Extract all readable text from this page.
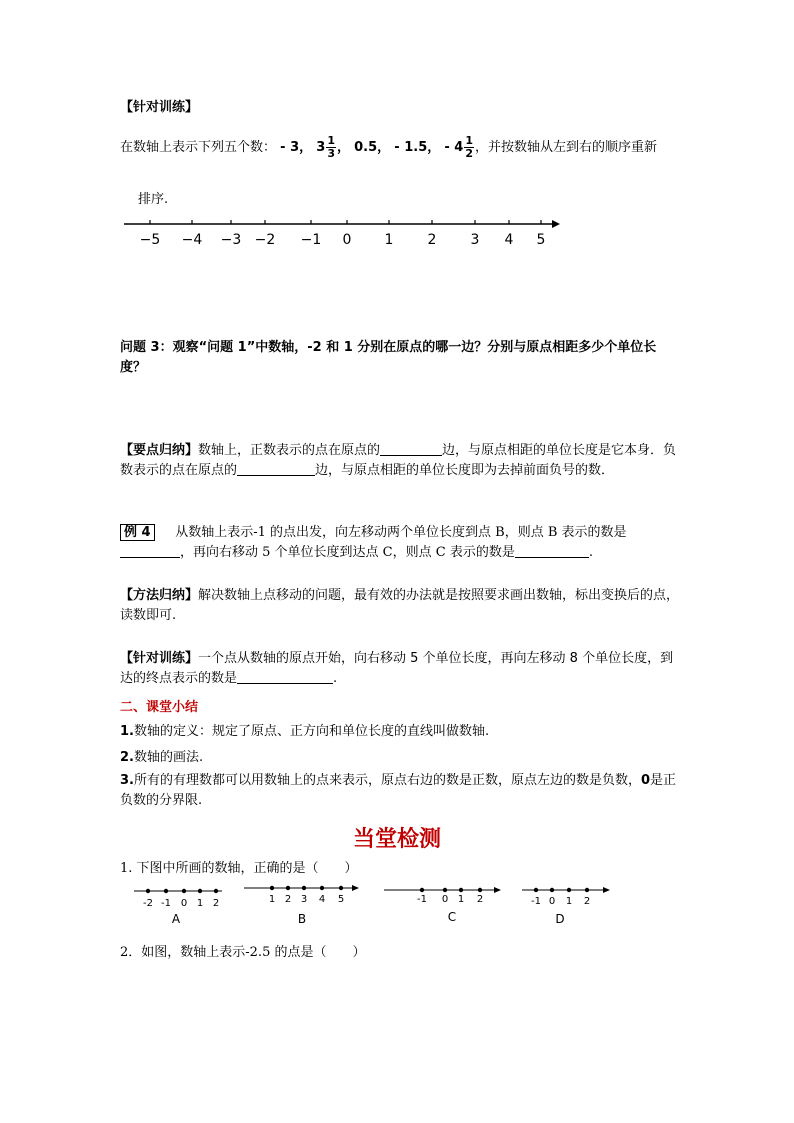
【针对训练】
在数轴上表示下列五个数： - 3， $3 \frac{1}{3}$ ， 0.5， - 1.5， - $4 \frac{1}{2}$ ，并按数轴从左到右的顺序重新
排序.
−5 −4 −3 −2 −1 0 1 2 3 4 5
问题 3：观察“问题 1”中数轴，-2 和 1 分别在原点的哪一边？分别与原点相距多少个单位长度？
【要点归纳】数轴上，正数表示的点在原点的	边，与原点相距的单位长度是它本身．负数表示的点在原点的	边，与原点相距的单位长度即为去掉前面负号的数．
例 4 从数轴上表示-1 的点出发，向左移动两个单位长度到点 B，则点 B 表示的数是，再向右移动 5 个单位长度到达点 C，则点 C 表示的数是	.
【方法归纳】解决数轴上点移动的问题，最有效的办法就是按照要求画出数轴，标出变换后的点，读数即可.
【针对训练】一个点从数轴的原点开始，向右移动 5 个单位长度，再向左移动 8 个单位长度，到达的终点表示的数是	.
二、课堂小结
1.数轴的定义：规定了原点、正方向和单位长度的直线叫做数轴.
2.数轴的画法.
3.所有的有理数都可以用数轴上的点来表示，原点右边的数是正数，原点左边的数是负数，0是正负数的分界限.
当堂检测
1. 下图中所画的数轴，正确的是（　　）
-2 -1 0 1 2
A
1 2 3 4 5
B
-1 0 1 2
C
-1 0 1 2
D
2．如图，数轴上表示-2.5 的点是（　　）
